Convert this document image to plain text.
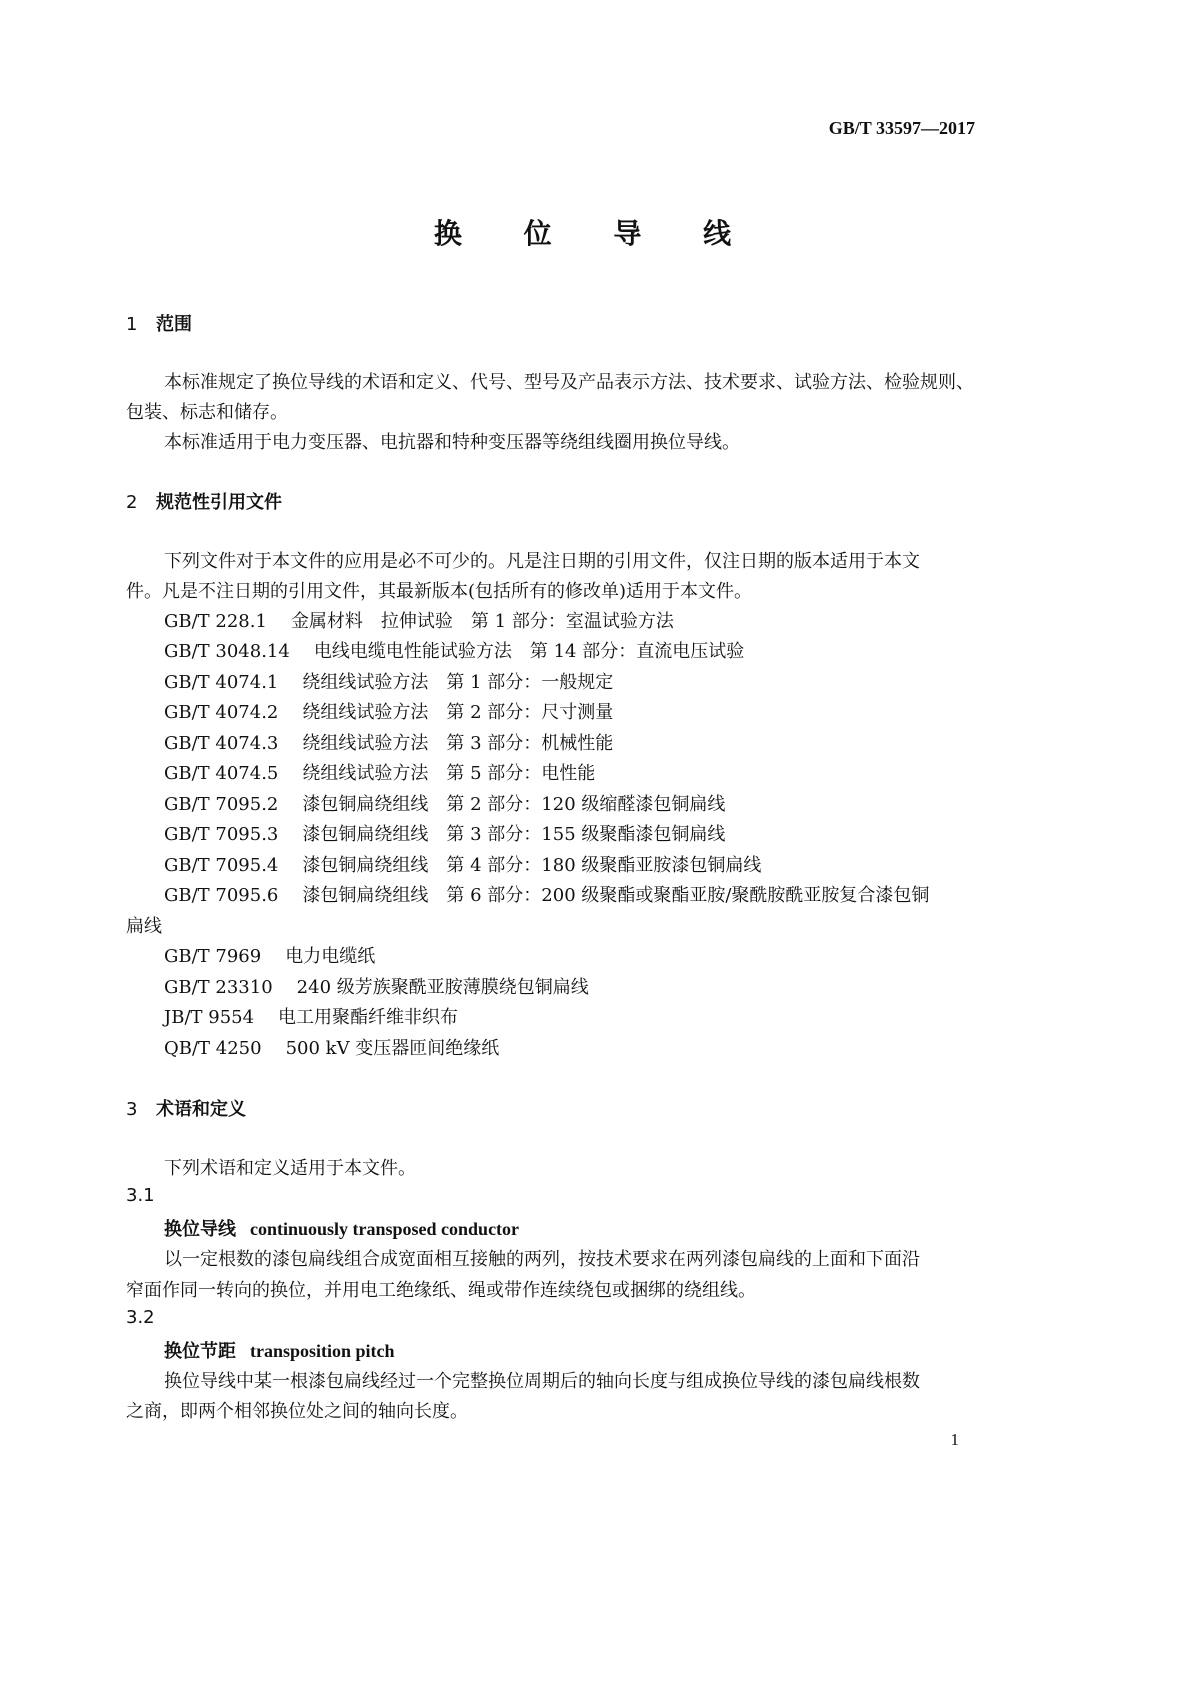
GB/T 33597—2017
换 位 导 线
1 范围
本标准规定了换位导线的术语和定义、代号、型号及产品表示方法、技术要求、试验方法、检验规则、
包装、标志和储存。
本标准适用于电力变压器、电抗器和特种变压器等绕组线圈用换位导线。
2 规范性引用文件
下列文件对于本文件的应用是必不可少的。凡是注日期的引用文件，仅注日期的版本适用于本文
件。凡是不注日期的引用文件，其最新版本(包括所有的修改单)适用于本文件。
GB/T 228.1 金属材料　拉伸试验　第 1 部分：室温试验方法
GB/T 3048.14 电线电缆电性能试验方法　第 14 部分：直流电压试验
GB/T 4074.1 绕组线试验方法　第 1 部分：一般规定
GB/T 4074.2 绕组线试验方法　第 2 部分：尺寸测量
GB/T 4074.3 绕组线试验方法　第 3 部分：机械性能
GB/T 4074.5 绕组线试验方法　第 5 部分：电性能
GB/T 7095.2 漆包铜扁绕组线　第 2 部分：120 级缩醛漆包铜扁线
GB/T 7095.3 漆包铜扁绕组线　第 3 部分：155 级聚酯漆包铜扁线
GB/T 7095.4 漆包铜扁绕组线　第 4 部分：180 级聚酯亚胺漆包铜扁线
GB/T 7095.6 漆包铜扁绕组线　第 6 部分：200 级聚酯或聚酯亚胺/聚酰胺酰亚胺复合漆包铜
扁线
GB/T 7969 电力电缆纸
GB/T 23310 240 级芳族聚酰亚胺薄膜绕包铜扁线
JB/T 9554 电工用聚酯纤维非织布
QB/T 4250 500 kV 变压器匝间绝缘纸
3 术语和定义
下列术语和定义适用于本文件。
3.1
换位导线 continuously transposed conductor
以一定根数的漆包扁线组合成宽面相互接触的两列，按技术要求在两列漆包扁线的上面和下面沿
窄面作同一转向的换位，并用电工绝缘纸、绳或带作连续绕包或捆绑的绕组线。
3.2
换位节距 transposition pitch
换位导线中某一根漆包扁线经过一个完整换位周期后的轴向长度与组成换位导线的漆包扁线根数
之商，即两个相邻换位处之间的轴向长度。
1
